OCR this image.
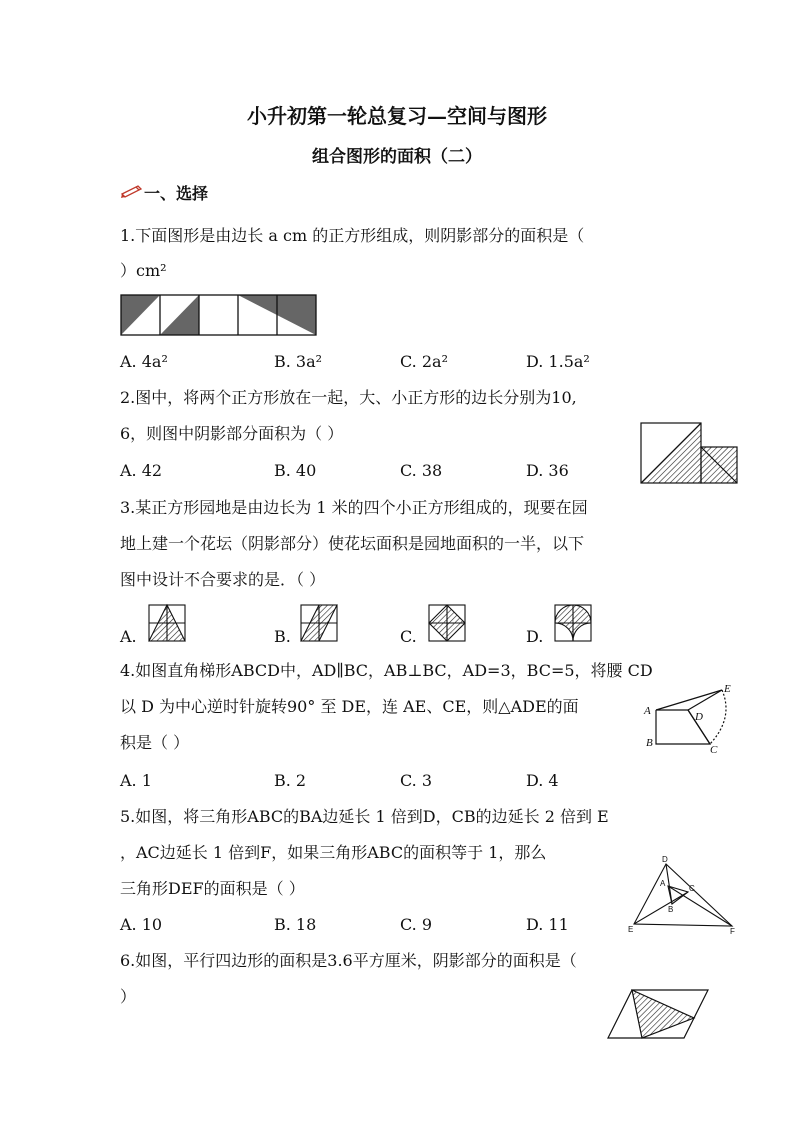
小升初第一轮总复习—空间与图形
组合图形的面积（二）
一、选择
1.下面图形是由边长 a cm 的正方形组成，则阴影部分的面积是（
）cm²
A. 4a²	B. 3a²	C. 2a²	D. 1.5a²
2.图中，将两个正方形放在一起，大、小正方形的边长分别为10,
6，则图中阴影部分面积为（ ）
A. 42	B. 40	C. 38	D. 36
3.某正方形园地是由边长为 1 米的四个小正方形组成的，现要在园
地上建一个花坛（阴影部分）使花坛面积是园地面积的一半，以下
图中设计不合要求的是．（ ）
A.	B.	C.	D.
4.如图直角梯形ABCD中，AD∥BC，AB⊥BC，AD=3，BC=5，将腰 CD
以 D 为中心逆时针旋转90° 至 DE，连 AE、CE，则△ADE的面
积是（ ）
A
B
C
D
E
A. 1	B. 2	C. 3	D. 4
5.如图，将三角形ABC的BA边延长 1 倍到D，CB的边延长 2 倍到 E
，AC边延长 1 倍到F，如果三角形ABC的面积等于 1，那么
三角形DEF的面积是（ ）
D
A
C
B
E	F
A. 10	B. 18	C. 9	D. 11
6.如图，平行四边形的面积是3.6平方厘米，阴影部分的面积是（
）
